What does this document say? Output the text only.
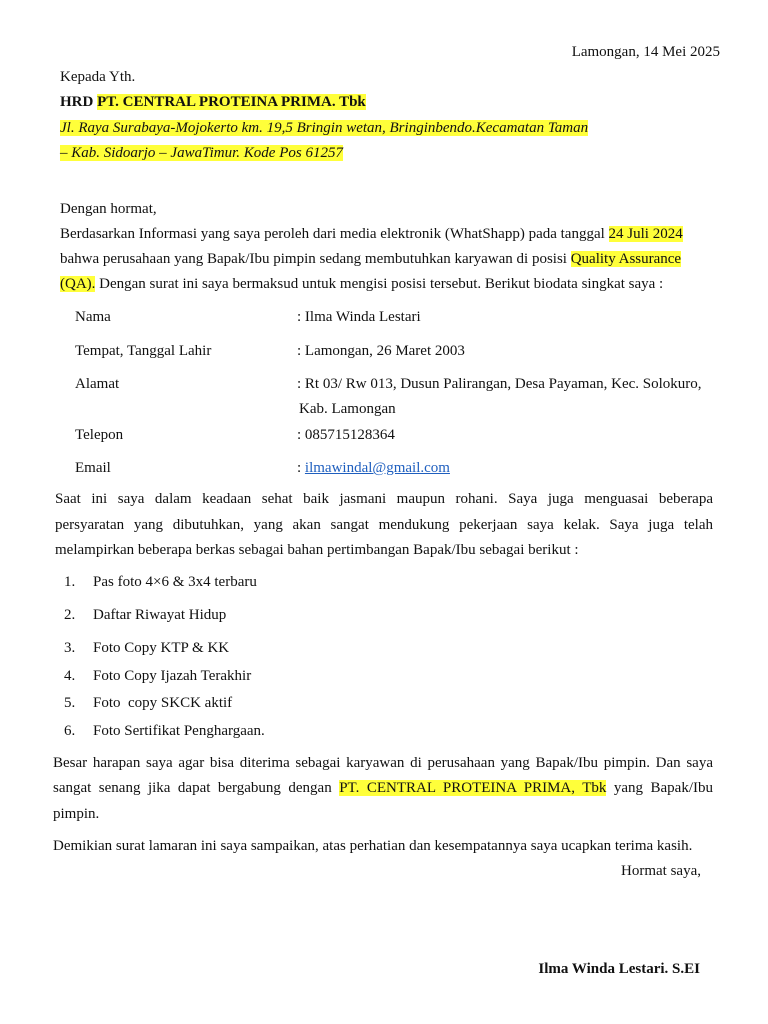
Lamongan, 14 Mei 2025
Kepada Yth.
HRD PT. CENTRAL PROTEINA PRIMA. Tbk
Jl. Raya Surabaya-Mojokerto km. 19,5 Bringin wetan, Bringinbendo.Kecamatan Taman
– Kab. Sidoarjo – JawaTimur. Kode Pos 61257
Dengan hormat,
Berdasarkan Informasi yang saya peroleh dari media elektronik (WhatShapp) pada tanggal 24 Juli 2024
bahwa perusahaan yang Bapak/Ibu pimpin sedang membutuhkan karyawan di posisi Quality Assurance
(QA). Dengan surat ini saya bermaksud untuk mengisi posisi tersebut. Berikut biodata singkat saya :
Nama	: Ilma Winda Lestari
Tempat, Tanggal Lahir	: Lamongan, 26 Maret 2003
Alamat	: Rt 03/ Rw 013, Dusun Palirangan, Desa Payaman, Kec. Solokuro,
Kab. Lamongan
Telepon	: 085715128364
Email	: ilmawindal@gmail.com
Saat ini saya dalam keadaan sehat baik jasmani maupun rohani. Saya juga menguasai beberapa
persyaratan yang dibutuhkan, yang akan sangat mendukung pekerjaan saya kelak. Saya juga telah
melampirkan beberapa berkas sebagai bahan pertimbangan Bapak/Ibu sebagai berikut :
1. Pas foto 4×6 & 3x4 terbaru
2. Daftar Riwayat Hidup
3. Foto Copy KTP & KK
4. Foto Copy Ijazah Terakhir
5. Foto  copy SKCK aktif
6. Foto Sertifikat Penghargaan.
Besar harapan saya agar bisa diterima sebagai karyawan di perusahaan yang Bapak/Ibu pimpin. Dan saya
sangat senang jika dapat bergabung dengan PT. CENTRAL PROTEINA PRIMA, Tbk yang Bapak/Ibu
pimpin.
Demikian surat lamaran ini saya sampaikan, atas perhatian dan kesempatannya saya ucapkan terima kasih.
Hormat saya,
Ilma Winda Lestari. S.EI
